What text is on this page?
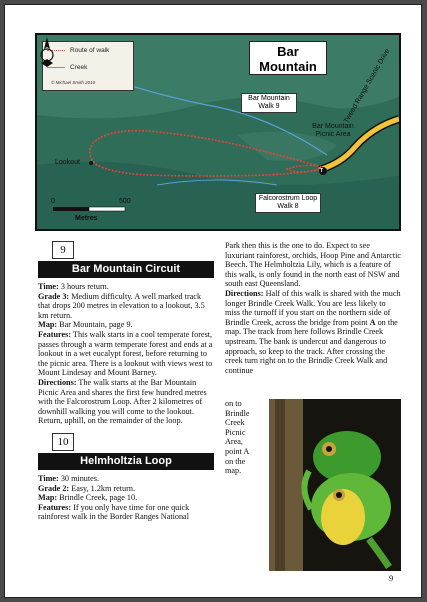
Route of walk
Creek
© Michael Smith 2010
Bar
Mountain
Bar Mountain
Walk 9
Bar Mountain
Picnic Area
Lookout
Falcorostrum Loop
Walk 8
Tweed Range Scenic Drive
T
0	500
Metres
9
Bar Mountain Circuit

Time: 3 hours return.

Grade 3: Medium difficulty. A well marked track that drops 200 metres in elevation to a lookout, 3.5 km return.

Map: Bar Mountain, page 9.

Features: This walk starts in a cool temperate forest, passes through a warm temperate forest and ends at a lookout in a wet eucalypt forest, before returning to the picnic area. There is a lookout with views west to Mount Lindesay and Mount Barney.

Directions: The walk starts at the Bar Mountain Picnic Area and shares the first few hundred metres with the Falcorostrum Loop. After 2 kilometres of downhill walking you will come to the lookout. Return, uphill, on the remainder of the loop.

10
Helmholtzia Loop

Time: 30 minutes.

Grade 2: Easy, 1.2km return.

Map: Brindle Creek, page 10.

Features: If you only have time for one quick rainforest walk in the Border Ranges National

Park then this is the one to do. Expect to see luxuriant rainforest, orchids, Hoop Pine and Antarctic Beech. The Helmholtzia Lily, which is a feature of this walk, is only found in the north east of NSW and south east Queensland.

Directions: Half of this walk is shared with the much longer Brindle Creek Walk. You are less likely to miss the turnoff if you start on the northern side of Brindle Creek, across the bridge from point A on the map. The track from here follows Brindle Creek upstream. The bank is undercut and dangerous to approach, so keep to the track. After crossing the creek turn right on to the Brindle Creek Walk and continue

on to
Brindle
Creek
Picnic
Area,
point A
on the
map.
9
